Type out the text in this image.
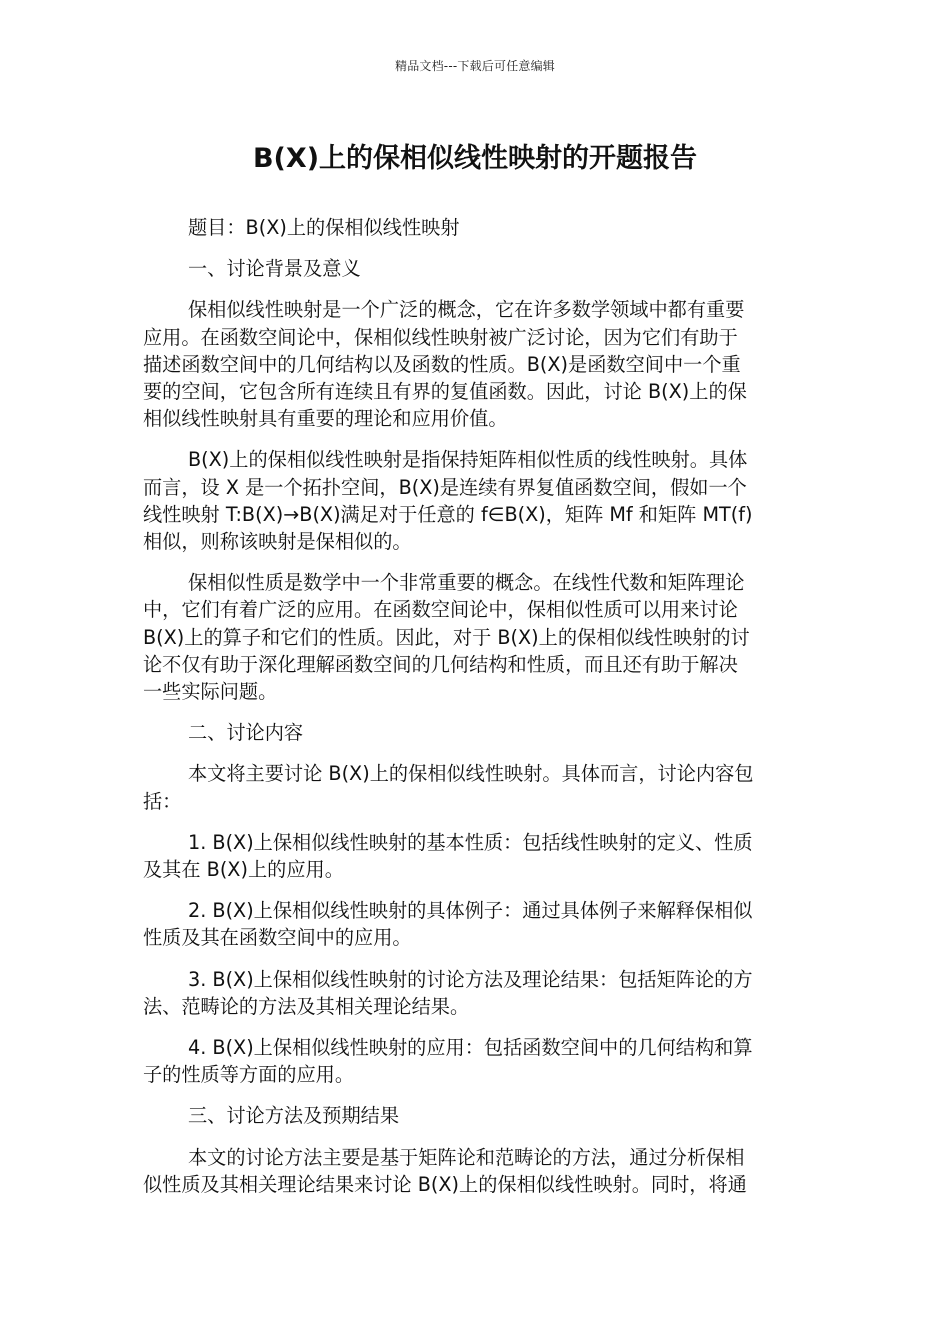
精品文档---下载后可任意编辑
B(X)上的保相似线性映射的开题报告
题目：B(X)上的保相似线性映射
一、讨论背景及意义
保相似线性映射是一个广泛的概念，它在许多数学领域中都有重要
应用。在函数空间论中，保相似线性映射被广泛讨论，因为它们有助于
描述函数空间中的几何结构以及函数的性质。B(X)是函数空间中一个重
要的空间，它包含所有连续且有界的复值函数。因此，讨论 B(X)上的保
相似线性映射具有重要的理论和应用价值。
B(X)上的保相似线性映射是指保持矩阵相似性质的线性映射。具体
而言，设 X 是一个拓扑空间，B(X)是连续有界复值函数空间，假如一个
线性映射 T:B(X)→B(X)满足对于任意的 f∈B(X)，矩阵 Mf 和矩阵 MT(f)
相似，则称该映射是保相似的。
保相似性质是数学中一个非常重要的概念。在线性代数和矩阵理论
中，它们有着广泛的应用。在函数空间论中，保相似性质可以用来讨论
B(X)上的算子和它们的性质。因此，对于 B(X)上的保相似线性映射的讨
论不仅有助于深化理解函数空间的几何结构和性质，而且还有助于解决
一些实际问题。
二、讨论内容
本文将主要讨论 B(X)上的保相似线性映射。具体而言，讨论内容包
括：
1. B(X)上保相似线性映射的基本性质：包括线性映射的定义、性质
及其在 B(X)上的应用。
2. B(X)上保相似线性映射的具体例子：通过具体例子来解释保相似
性质及其在函数空间中的应用。
3. B(X)上保相似线性映射的讨论方法及理论结果：包括矩阵论的方
法、范畴论的方法及其相关理论结果。
4. B(X)上保相似线性映射的应用：包括函数空间中的几何结构和算
子的性质等方面的应用。
三、讨论方法及预期结果
本文的讨论方法主要是基于矩阵论和范畴论的方法，通过分析保相
似性质及其相关理论结果来讨论 B(X)上的保相似线性映射。同时，将通
